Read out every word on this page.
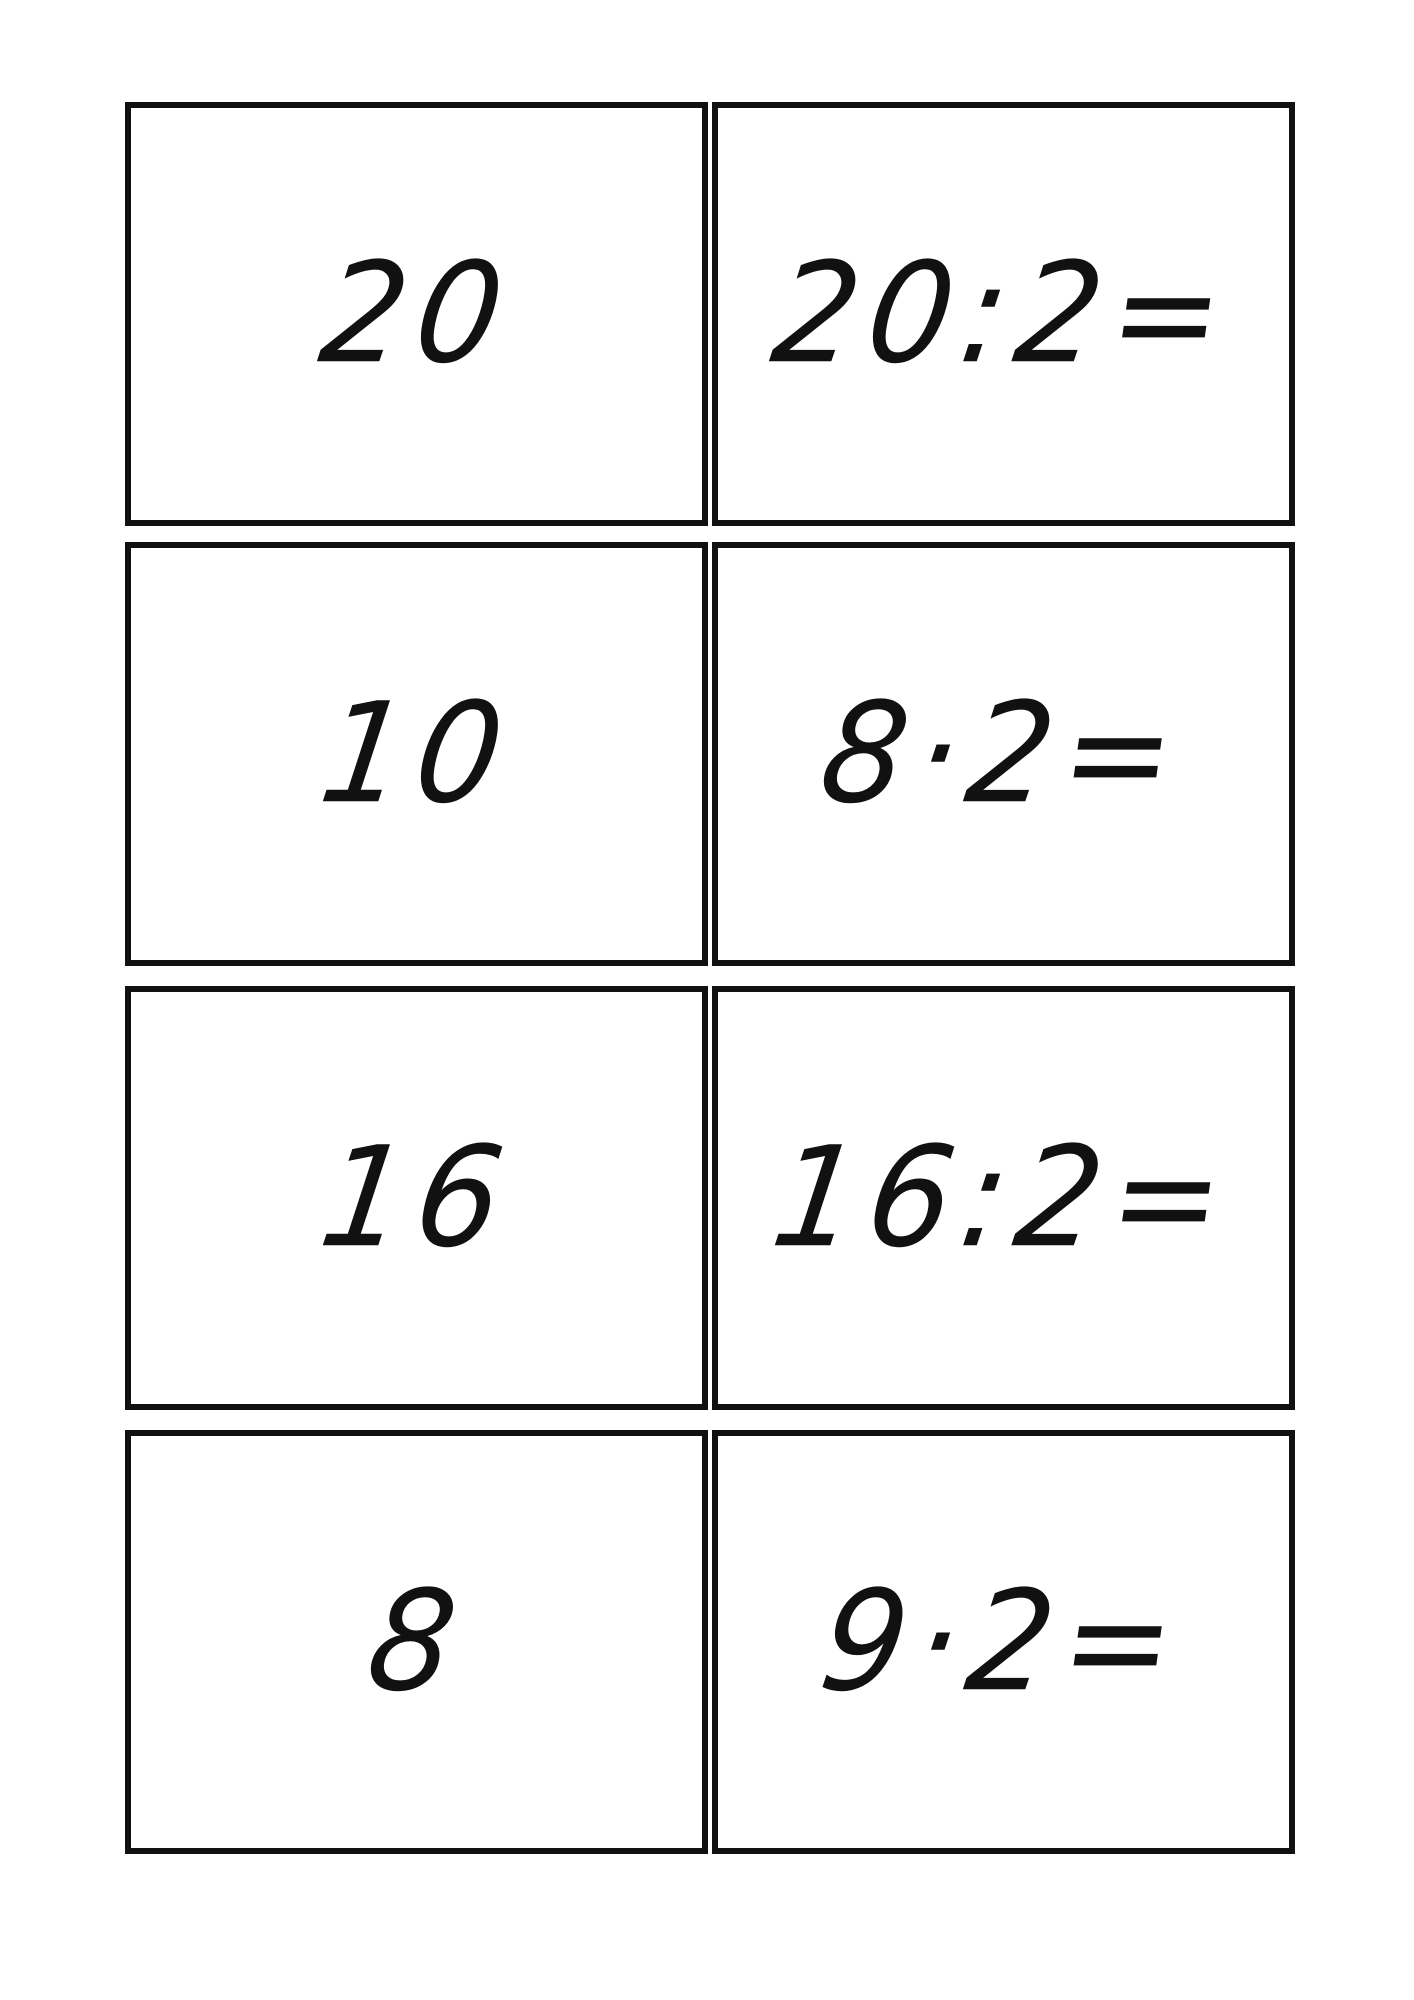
20 20:2=
10 8·2=
16 16:2=
8	9·2=
